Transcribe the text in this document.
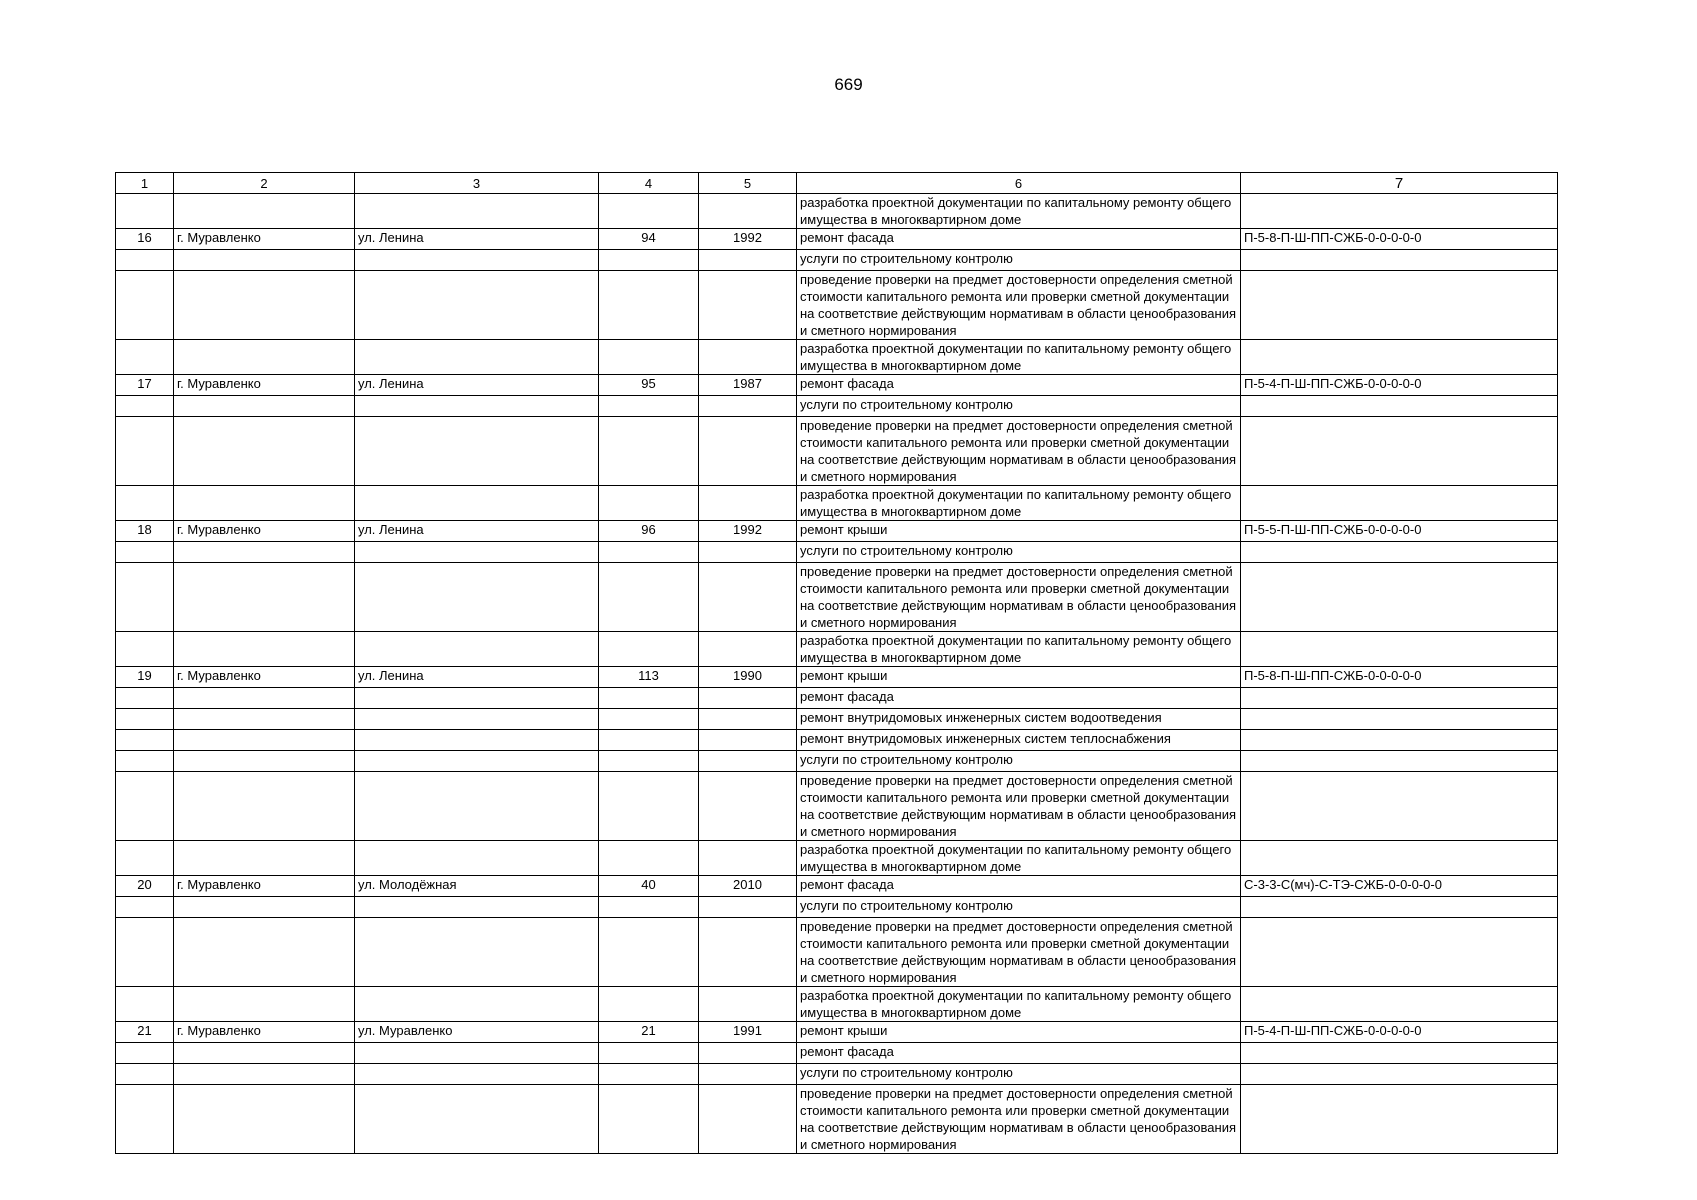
669
1	2	3	4	5	6	7
					разработка проектной документации по капитальному ремонту общего имущества в многоквартирном доме	
16	г. Муравленко	ул. Ленина	94	1992	ремонт фасада	П-5-8-П-Ш-ПП-СЖБ-0-0-0-0-0
					услуги по строительному контролю	
					проведение проверки на предмет достоверности определения сметной стоимости капитального ремонта или проверки сметной документации на соответствие действующим нормативам в области ценообразования и сметного нормирования	
					разработка проектной документации по капитальному ремонту общего имущества в многоквартирном доме	
17	г. Муравленко	ул. Ленина	95	1987	ремонт фасада	П-5-4-П-Ш-ПП-СЖБ-0-0-0-0-0
					услуги по строительному контролю	
					проведение проверки на предмет достоверности определения сметной стоимости капитального ремонта или проверки сметной документации на соответствие действующим нормативам в области ценообразования и сметного нормирования	
					разработка проектной документации по капитальному ремонту общего имущества в многоквартирном доме	
18	г. Муравленко	ул. Ленина	96	1992	ремонт крыши	П-5-5-П-Ш-ПП-СЖБ-0-0-0-0-0
					услуги по строительному контролю	
					проведение проверки на предмет достоверности определения сметной стоимости капитального ремонта или проверки сметной документации на соответствие действующим нормативам в области ценообразования и сметного нормирования	
					разработка проектной документации по капитальному ремонту общего имущества в многоквартирном доме	
19	г. Муравленко	ул. Ленина	113	1990	ремонт крыши	П-5-8-П-Ш-ПП-СЖБ-0-0-0-0-0
					ремонт фасада	
					ремонт внутридомовых инженерных систем водоотведения	
					ремонт внутридомовых инженерных систем теплоснабжения	
					услуги по строительному контролю	
					проведение проверки на предмет достоверности определения сметной стоимости капитального ремонта или проверки сметной документации на соответствие действующим нормативам в области ценообразования и сметного нормирования	
					разработка проектной документации по капитальному ремонту общего имущества в многоквартирном доме	
20	г. Муравленко	ул. Молодёжная	40	2010	ремонт фасада	С-3-3-С(мч)-С-ТЭ-СЖБ-0-0-0-0-0
					услуги по строительному контролю	
					проведение проверки на предмет достоверности определения сметной стоимости капитального ремонта или проверки сметной документации на соответствие действующим нормативам в области ценообразования и сметного нормирования	
					разработка проектной документации по капитальному ремонту общего имущества в многоквартирном доме	
21	г. Муравленко	ул. Муравленко	21	1991	ремонт крыши	П-5-4-П-Ш-ПП-СЖБ-0-0-0-0-0
					ремонт фасада	
					услуги по строительному контролю	
					проведение проверки на предмет достоверности определения сметной стоимости капитального ремонта или проверки сметной документации на соответствие действующим нормативам в области ценообразования и сметного нормирования	
